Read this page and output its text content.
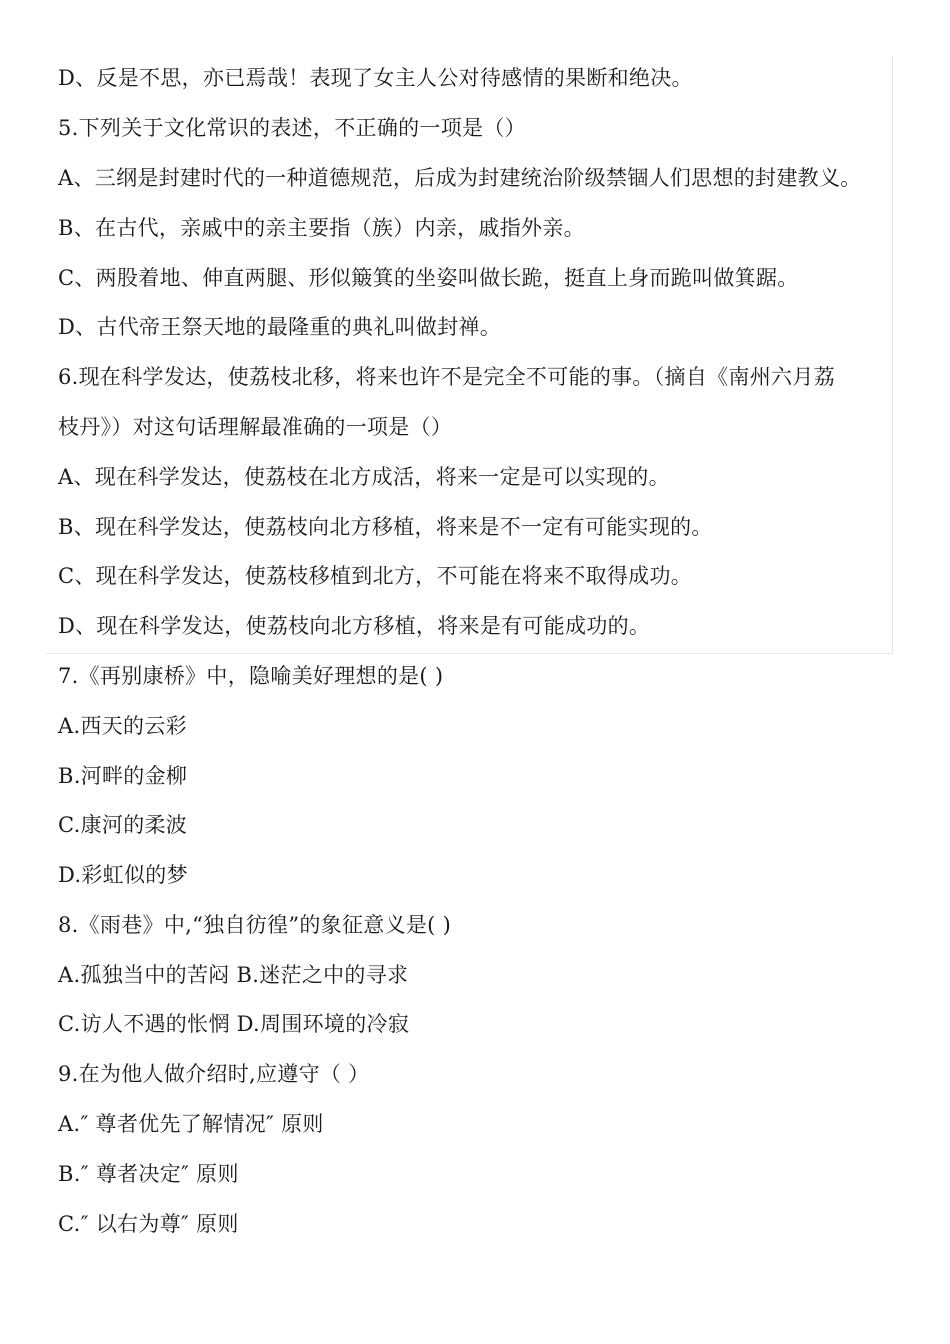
D、反是不思，亦已焉哉！表现了女主人公对待感情的果断和绝决。
5.下列关于文化常识的表述，不正确的一项是（）
A、三纲是封建时代的一种道德规范，后成为封建统治阶级禁锢人们思想的封建教义。
B、在古代，亲戚中的亲主要指（族）内亲，戚指外亲。
C、两股着地、伸直两腿、形似簸箕的坐姿叫做长跪，挺直上身而跪叫做箕踞。
D、古代帝王祭天地的最隆重的典礼叫做封禅。
6.现在科学发达，使荔枝北移，将来也许不是完全不可能的事。（摘自《南州六月荔
枝丹》）对这句话理解最准确的一项是（）
A、现在科学发达，使荔枝在北方成活，将来一定是可以实现的。
B、现在科学发达，使荔枝向北方移植，将来是不一定有可能实现的。
C、现在科学发达，使荔枝移植到北方，不可能在将来不取得成功。
D、现在科学发达，使荔枝向北方移植，将来是有可能成功的。
7.《再别康桥》中，隐喻美好理想的是( )
A.西天的云彩
B.河畔的金柳
C.康河的柔波
D.彩虹似的梦
8.《雨巷》中,“独自彷徨”的象征意义是( )
A.孤独当中的苦闷 B.迷茫之中的寻求
C.访人不遇的怅惘 D.周围环境的冷寂
9.在为他人做介绍时,应遵守（ ）
A.″ 尊者优先了解情况″ 原则
B.″ 尊者决定″ 原则
C.″ 以右为尊″ 原则
